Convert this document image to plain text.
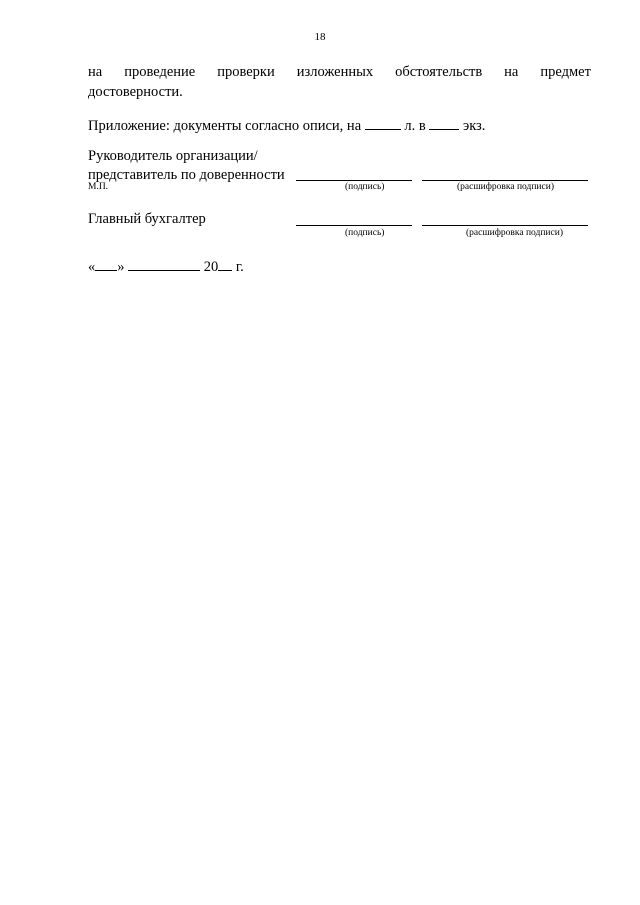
18
на проведение проверки изложенных обстоятельств на предмет
достоверности.
Приложение: документы согласно описи, на	л. в	экз.
Руководитель организации/
представитель по доверенности
М.П.	(подпись)	(расшифровка подписи)
Главный бухгалтер
(подпись)	(расшифровка подписи)
« »	20 г.
